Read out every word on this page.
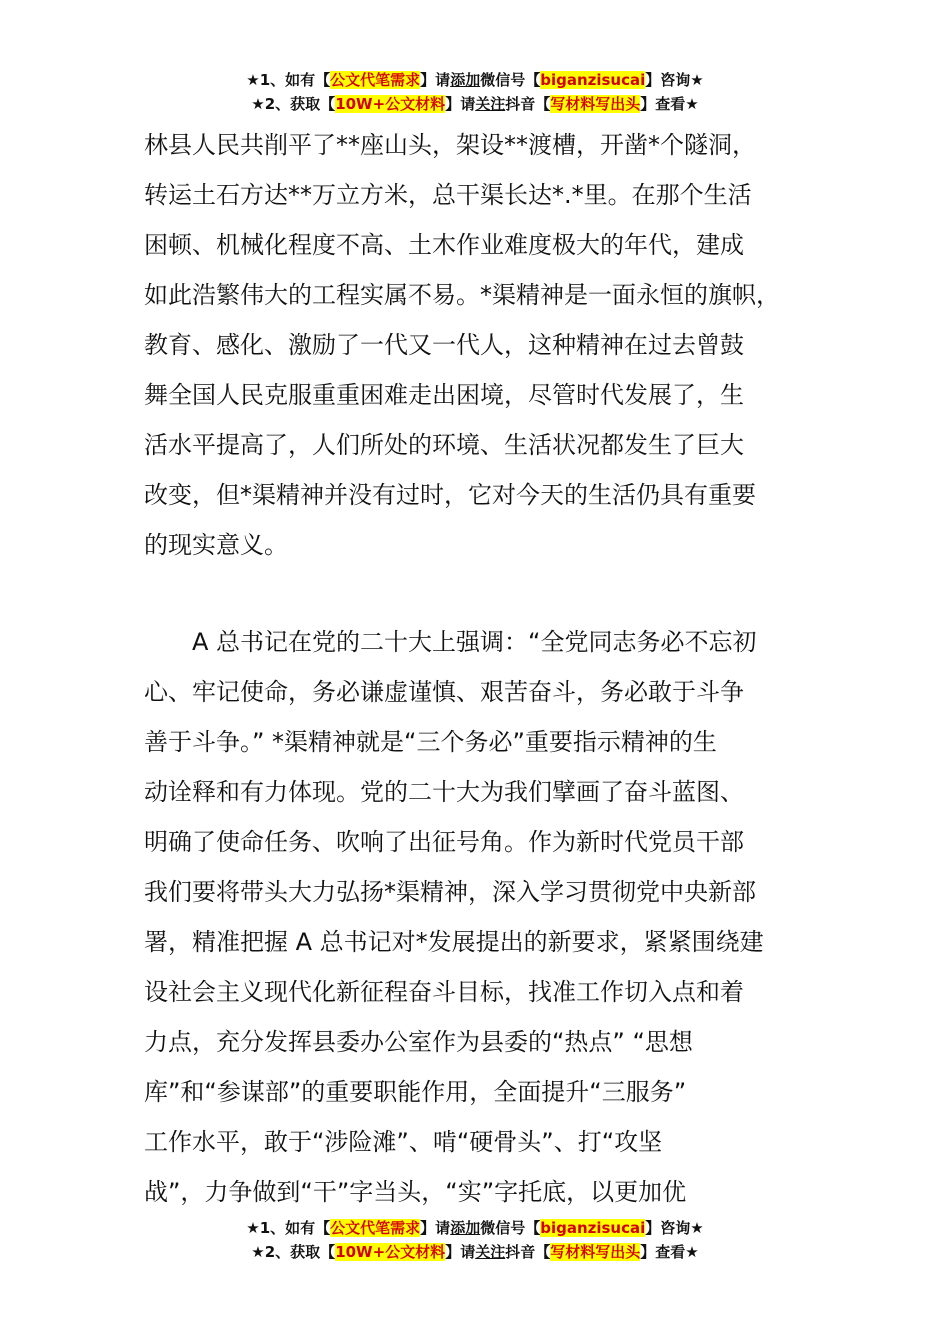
★1、如有【公文代笔需求】请添加微信号【biganzisucai】咨询★
★2、获取【10W+公文材料】请关注抖音【写材料写出头】查看★
林县人民共削平了**座山头，架设**渡槽，开凿*个隧洞，
转运土石方达**万立方米，总干渠长达*.*里。在那个生活
困顿、机械化程度不高、土木作业难度极大的年代，建成
如此浩繁伟大的工程实属不易。*渠精神是一面永恒的旗帜，
教育、感化、激励了一代又一代人，这种精神在过去曾鼓
舞全国人民克服重重困难走出困境，尽管时代发展了，生
活水平提高了，人们所处的环境、生活状况都发生了巨大
改变，但*渠精神并没有过时，它对今天的生活仍具有重要
的现实意义。
　　A 总书记在党的二十大上强调：“全党同志务必不忘初
心、牢记使命，务必谦虚谨慎、艰苦奋斗，务必敢于斗争
善于斗争。” *渠精神就是“三个务必”重要指示精神的生
动诠释和有力体现。党的二十大为我们擘画了奋斗蓝图、
明确了使命任务、吹响了出征号角。作为新时代党员干部
我们要将带头大力弘扬*渠精神，深入学习贯彻党中央新部
署，精准把握 A 总书记对*发展提出的新要求，紧紧围绕建
设社会主义现代化新征程奋斗目标，找准工作切入点和着
力点，充分发挥县委办公室作为县委的“热点” “思想
库”和“参谋部”的重要职能作用，全面提升“三服务”
工作水平，敢于“涉险滩”、啃“硬骨头”、打“攻坚
战”，力争做到“干”字当头，“实”字托底，以更加优
★1、如有【公文代笔需求】请添加微信号【biganzisucai】咨询★
★2、获取【10W+公文材料】请关注抖音【写材料写出头】查看★
